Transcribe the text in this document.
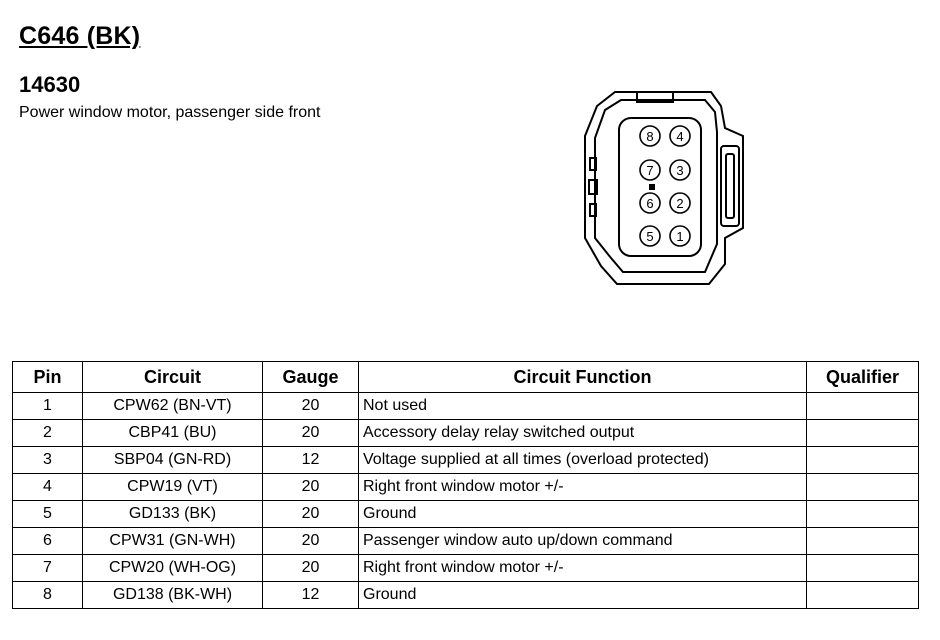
C646 (BK)
14630

Power window motor, passenger side front

8 4
7 3
6 2
5 1
Pin	Circuit	Gauge	Circuit Function	Qualifier
1	CPW62 (BN-VT)	20	Not used	
2	CBP41 (BU)	20	Accessory delay relay switched output	
3	SBP04 (GN-RD)	12	Voltage supplied at all times (overload protected)	
4	CPW19 (VT)	20	Right front window motor +/-	
5	GD133 (BK)	20	Ground	
6	CPW31 (GN-WH)	20	Passenger window auto up/down command	
7	CPW20 (WH-OG)	20	Right front window motor +/-	
8	GD138 (BK-WH)	12	Ground	
